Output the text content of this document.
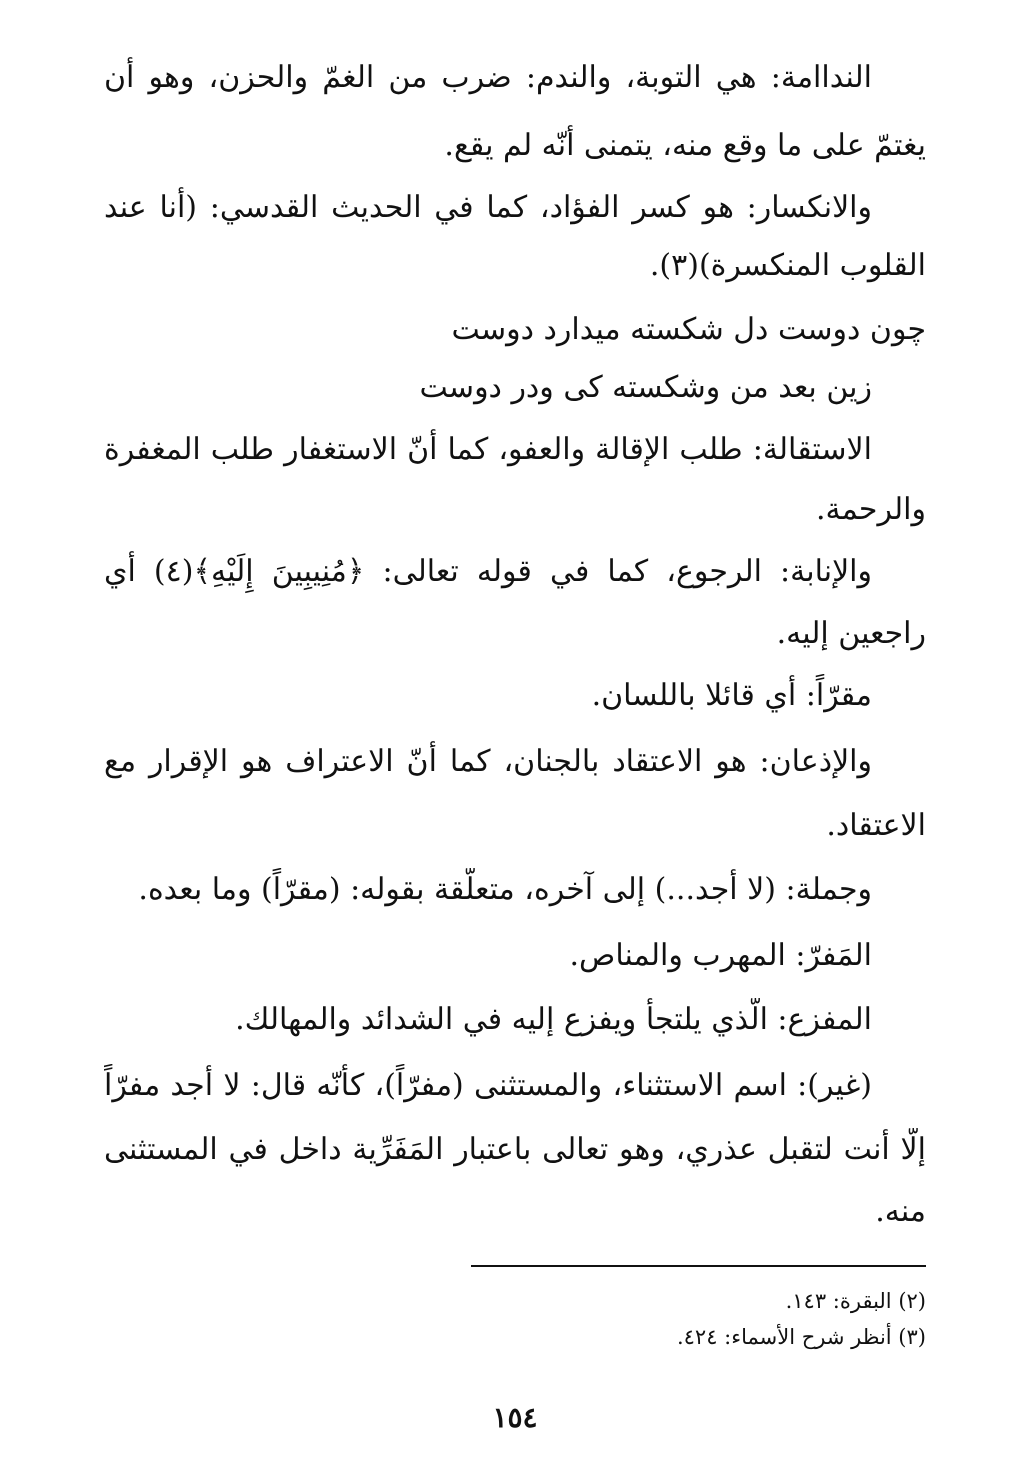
النداامة: هي التوبة، والندم: ضرب من الغمّ والحزن، وهو أن
يغتمّ على ما وقع منه، يتمنى أنّه لم يقع.
والانكسار: هو كسر الفؤاد، كما في الحديث القدسي: (أنا عند
القلوب المنكسرة)(٣).
چون دوست دل شكسته ميدارد دوست
زين بعد من وشكسته كى ودر دوست
الاستقالة: طلب الإقالة والعفو، كما أنّ الاستغفار طلب المغفرة
والرحمة.
والإنابة: الرجوع، كما في قوله تعالى: ﴿مُنِيبِينَ إِلَيْهِ﴾(٤) أي
راجعين إليه.
مقرّاً: أي قائلا باللسان.
والإذعان: هو الاعتقاد بالجنان، كما أنّ الاعتراف هو الإقرار مع
الاعتقاد.
وجملة: (لا أجد...) إلى آخره، متعلّقة بقوله: (مقرّاً) وما بعده.
المَفرّ: المهرب والمناص.
المفزع: الّذي يلتجأ ويفزع إليه في الشدائد والمهالك.
(غير): اسم الاستثناء، والمستثنى (مفرّاً)، كأنّه قال: لا أجد مفرّاً
إلّا أنت لتقبل عذري، وهو تعالى باعتبار المَفَرِّية داخل في المستثنى
منه.
(٢) البقرة: ١٤٣.
(٣) أنظر شرح الأسماء: ٤٢٤.
١٥٤
